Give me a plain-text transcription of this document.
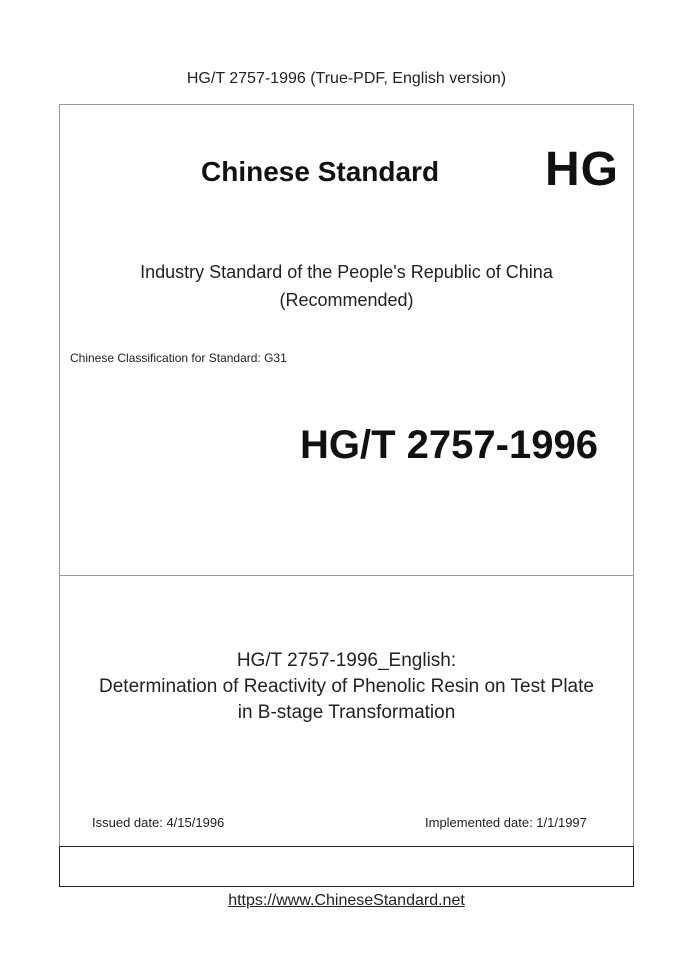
HG/T 2757-1996 (True-PDF, English version)
Chinese Standard HG
Industry Standard of the People's Republic of China
(Recommended)
Chinese Classification for Standard: G31
HG/T 2757-1996
HG/T 2757-1996_English:
Determination of Reactivity of Phenolic Resin on Test Plate
in B-stage Transformation
Issued date: 4/15/1996	Implemented date: 1/1/1997
https://www.ChineseStandard.net
